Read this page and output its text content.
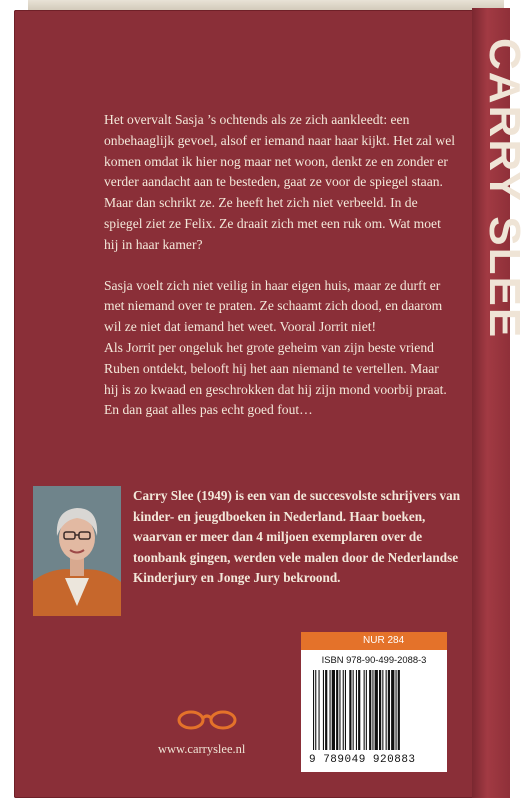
CARRY SLEE

Het overvalt Sasja ’s ochtends als ze zich aankleedt: een onbehaaglijk gevoel, alsof er iemand naar haar kijkt. Het zal wel komen omdat ik hier nog maar net woon, denkt ze en zonder er verder aandacht aan te besteden, gaat ze voor de spiegel staan. Maar dan schrikt ze. Ze heeft het zich niet verbeeld. In de spiegel ziet ze Felix. Ze draait zich met een ruk om. Wat moet hij in haar kamer?

Sasja voelt zich niet veilig in haar eigen huis, maar ze durft er met niemand over te praten. Ze schaamt zich dood, en daarom wil ze niet dat iemand het weet. Vooral Jorrit niet!

Als Jorrit per ongeluk het grote geheim van zijn beste vriend Ruben ontdekt, belooft hij het aan niemand te vertellen. Maar hij is zo kwaad en geschrokken dat hij zijn mond voorbij praat. En dan gaat alles pas echt goed fout…

Carry Slee (1949) is een van de succesvolste schrijvers van kinder- en jeugdboeken in Nederland. Haar boeken, waarvan er meer dan 4 miljoen exemplaren over de toonbank gingen, werden vele malen door de Nederlandse Kinderjury en Jonge Jury bekroond.
www.carryslee.nl
NUR 284
ISBN 978-90-499-2088-3
9 789049 920883
